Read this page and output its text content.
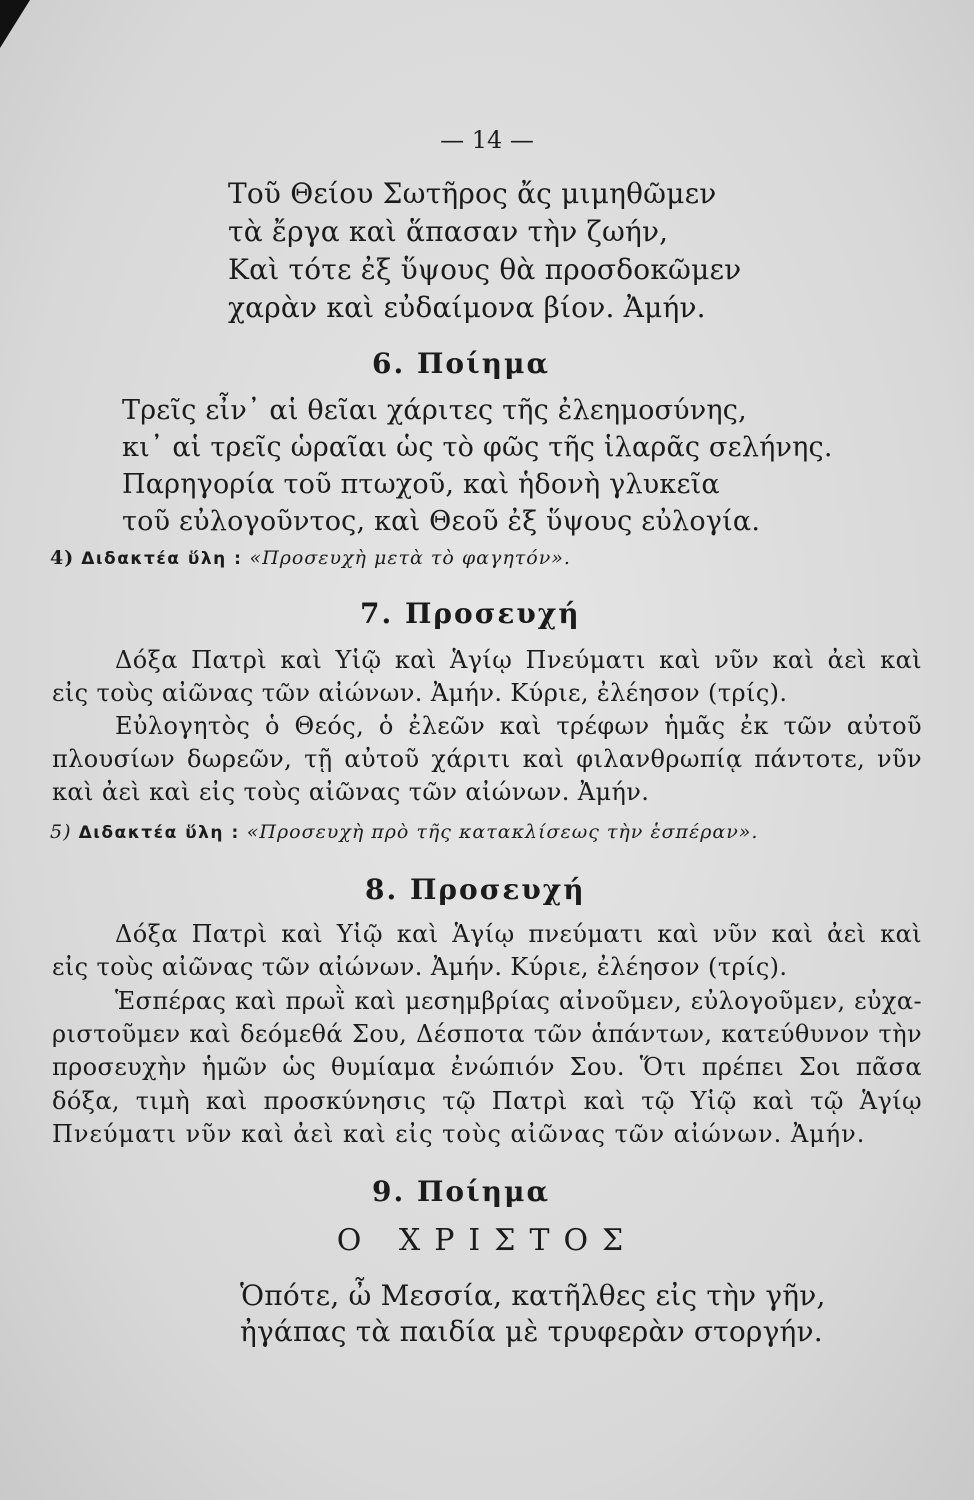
— 14 —
Τοῦ Θείου Σωτῆρος ἄς μιμηθῶμεν
τὰ ἔργα καὶ ἅπασαν τὴν ζωήν,
Καὶ τότε ἐξ ὕψους θὰ προσδοκῶμεν
χαρὰν καὶ εὐδαίμονα βίον. Ἀμήν.
6. Ποίημα
Τρεῖς εἶν᾽ αἱ θεῖαι χάριτες τῆς ἐλεημοσύνης,
κι᾽ αἱ τρεῖς ὡραῖαι ὡς τὸ φῶς τῆς ἱλαρᾶς σελήνης.
Παρηγορία τοῦ πτωχοῦ, καὶ ἡδονὴ γλυκεῖα
τοῦ εὐλογοῦντος, καὶ Θεοῦ ἐξ ὕψους εὐλογία.
4) Διδακτέα ὕλη : «Προσευχὴ μετὰ τὸ φαγητόν».
7. Προσευχή
Δόξα Πατρὶ καὶ Υἱῷ καὶ Ἁγίῳ Πνεύματι καὶ νῦν καὶ ἀεὶ καὶ
εἰς τοὺς αἰῶνας τῶν αἰώνων. Ἀμήν. Κύριε, ἐλέησον (τρίς).
Εὐλογητὸς ὁ Θεός, ὁ ἐλεῶν καὶ τρέφων ἡμᾶς ἐκ τῶν αὐτοῦ
πλουσίων δωρεῶν, τῇ αὐτοῦ χάριτι καὶ φιλανθρωπίᾳ πάντοτε, νῦν
καὶ ἀεὶ καὶ εἰς τοὺς αἰῶνας τῶν αἰώνων. Ἀμήν.
5) Διδακτέα ὕλη : «Προσευχὴ πρὸ τῆς κατακλίσεως τὴν ἑσπέραν».
8. Προσευχή
Δόξα Πατρὶ καὶ Υἱῷ καὶ Ἁγίῳ πνεύματι καὶ νῦν καὶ ἀεὶ καὶ
εἰς τοὺς αἰῶνας τῶν αἰώνων. Ἀμήν. Κύριε, ἐλέησον (τρίς).
Ἑσπέρας καὶ πρωῒ καὶ μεσημβρίας αἰνοῦμεν, εὐλογοῦμεν, εὐχα-
ριστοῦμεν καὶ δεόμεθά Σου, Δέσποτα τῶν ἁπάντων, κατεύθυνον τὴν
προσευχὴν ἡμῶν ὡς θυμίαμα ἐνώπιόν Σου. Ὅτι πρέπει Σοι πᾶσα
δόξα, τιμὴ καὶ προσκύνησις τῷ Πατρὶ καὶ τῷ Υἱῷ καὶ τῷ Ἁγίῳ
Πνεύματι νῦν καὶ ἀεὶ καὶ εἰς τοὺς αἰῶνας τῶν αἰώνων. Ἀμήν.
9. Ποίημα
Ο ΧΡΙΣΤΟΣ
Ὁπότε, ὦ Μεσσία, κατῆλθες εἰς τὴν γῆν,
ἠγάπας τὰ παιδία μὲ τρυφερὰν στοργήν.
